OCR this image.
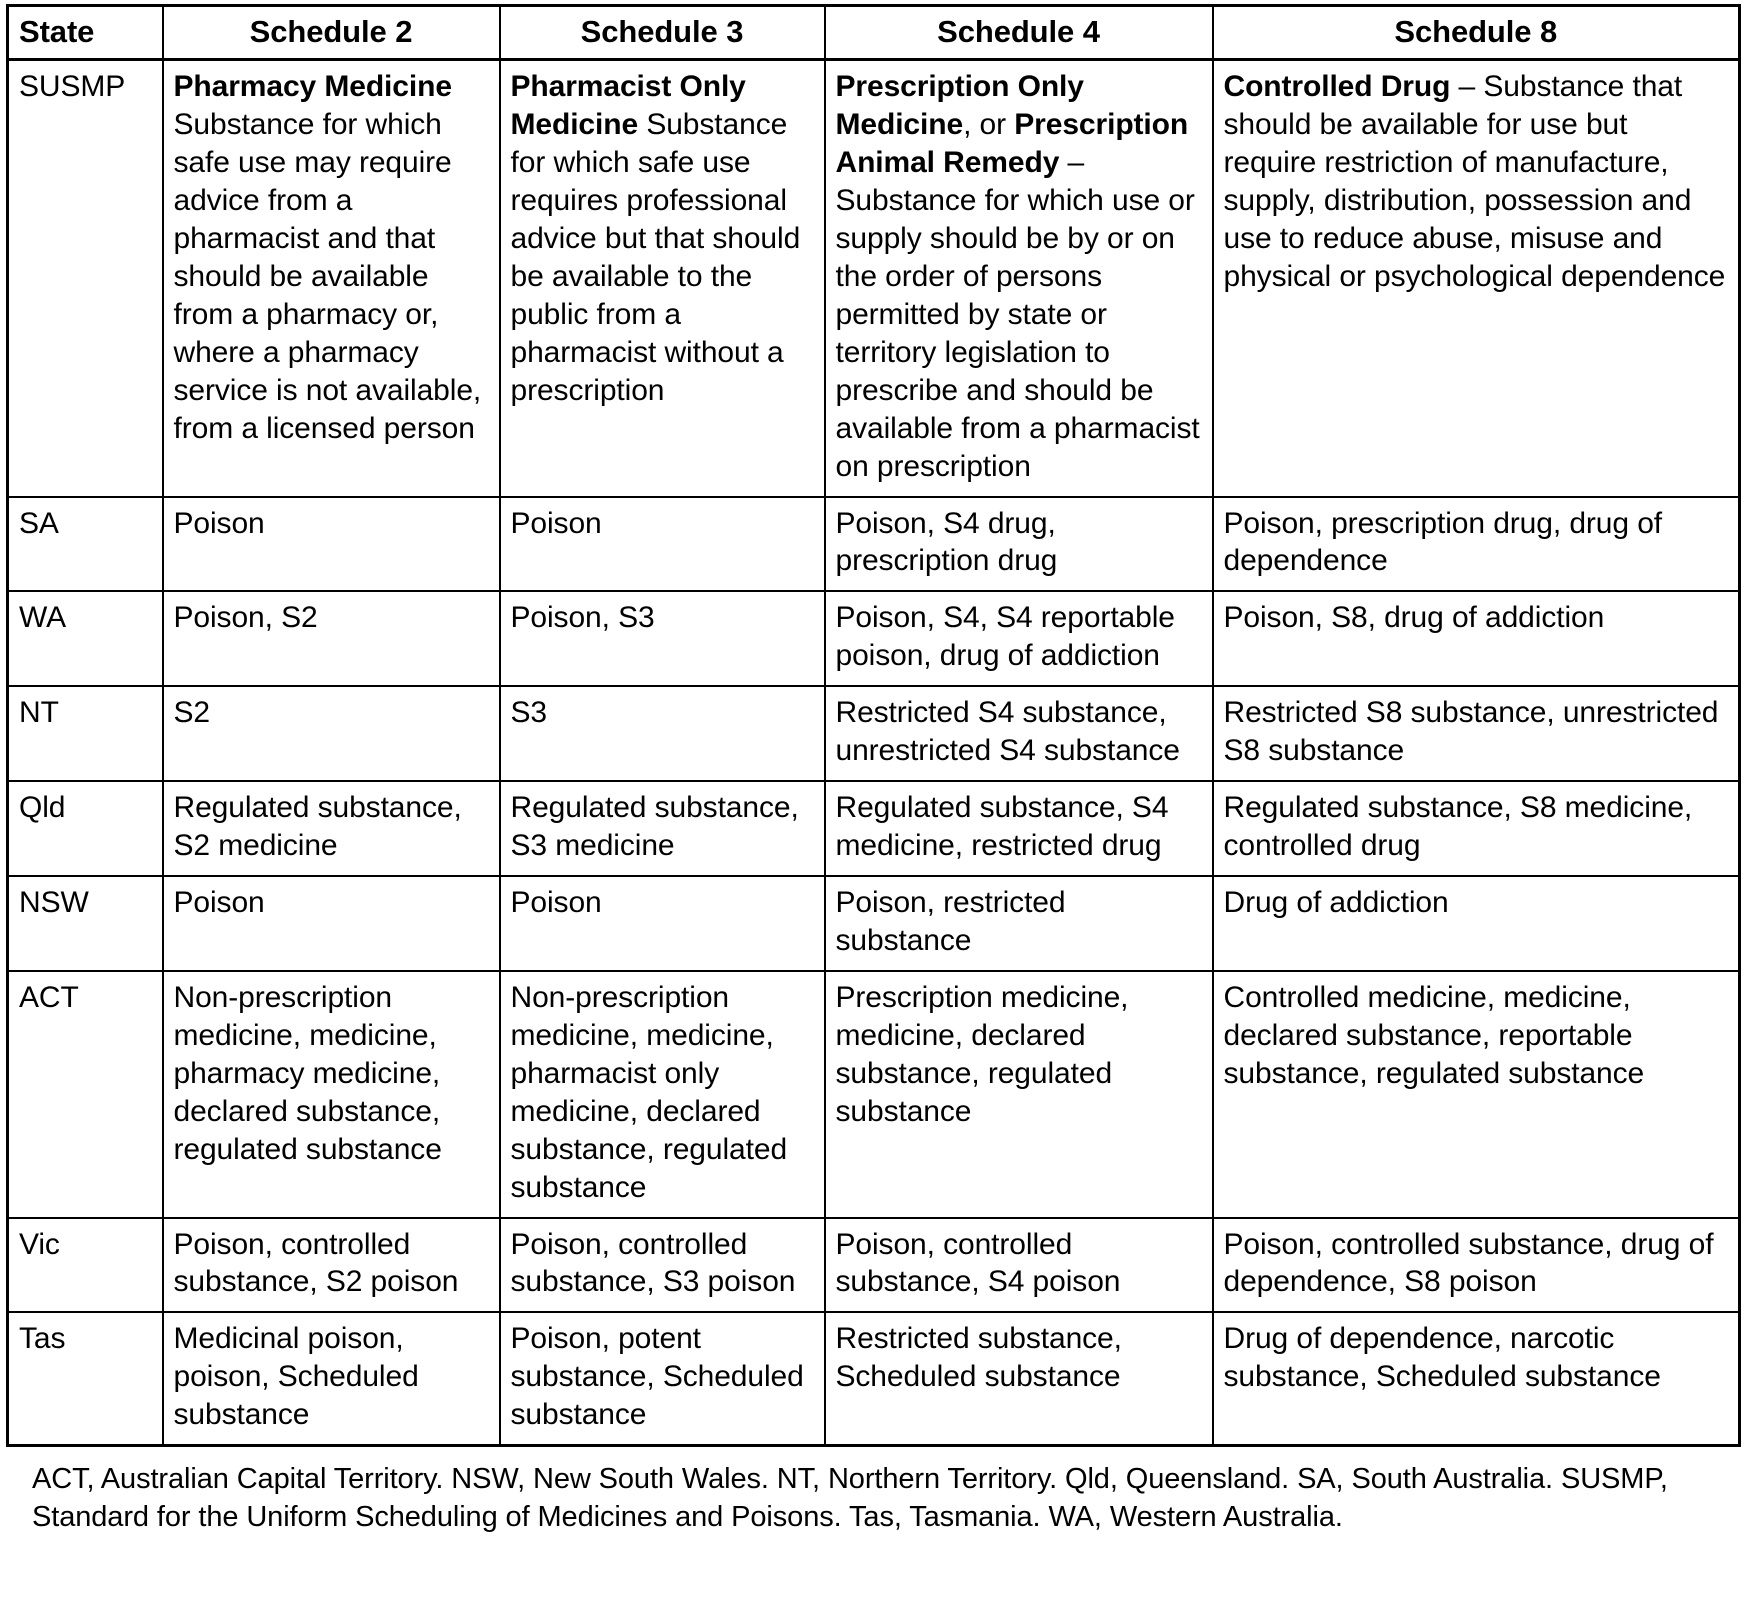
State	Schedule 2	Schedule 3	Schedule 4	Schedule 8
SUSMP	Pharmacy Medicine Substance for which safe use may require advice from a pharmacist and that should be available from a pharmacy or, where a pharmacy service is not available, from a licensed person	Pharmacist Only Medicine Substance for which safe use requires professional advice but that should be available to the public from a pharmacist without a prescription	Prescription Only Medicine, or Prescription Animal Remedy – Substance for which use or supply should be by or on the order of persons permitted by state or territory legislation to prescribe and should be available from a pharmacist on prescription	Controlled Drug – Substance that should be available for use but require restriction of manufacture, supply, distribution, possession and use to reduce abuse, misuse and physical or psychological dependence
SA	Poison	Poison	Poison, S4 drug, prescription drug	Poison, prescription drug, drug of dependence
WA	Poison, S2	Poison, S3	Poison, S4, S4 reportable poison, drug of addiction	Poison, S8, drug of addiction
NT	S2	S3	Restricted S4 substance, unrestricted S4 substance	Restricted S8 substance, unrestricted S8 substance
Qld	Regulated substance, S2 medicine	Regulated substance, S3 medicine	Regulated substance, S4 medicine, restricted drug	Regulated substance, S8 medicine, controlled drug
NSW	Poison	Poison	Poison, restricted substance	Drug of addiction
ACT	Non-prescription medicine, medicine, pharmacy medicine, declared substance, regulated substance	Non-prescription medicine, medicine, pharmacist only medicine, declared substance, regulated substance	Prescription medicine, medicine, declared substance, regulated substance	Controlled medicine, medicine, declared substance, reportable substance, regulated substance
Vic	Poison, controlled substance, S2 poison	Poison, controlled substance, S3 poison	Poison, controlled substance, S4 poison	Poison, controlled substance, drug of dependence, S8 poison
Tas	Medicinal poison, poison, Scheduled substance	Poison, potent substance, Scheduled substance	Restricted substance, Scheduled substance	Drug of dependence, narcotic substance, Scheduled substance
ACT, Australian Capital Territory. NSW, New South Wales. NT, Northern Territory. Qld, Queensland. SA, South Australia. SUSMP, Standard for the Uniform Scheduling of Medicines and Poisons. Tas, Tasmania. WA, Western Australia.
